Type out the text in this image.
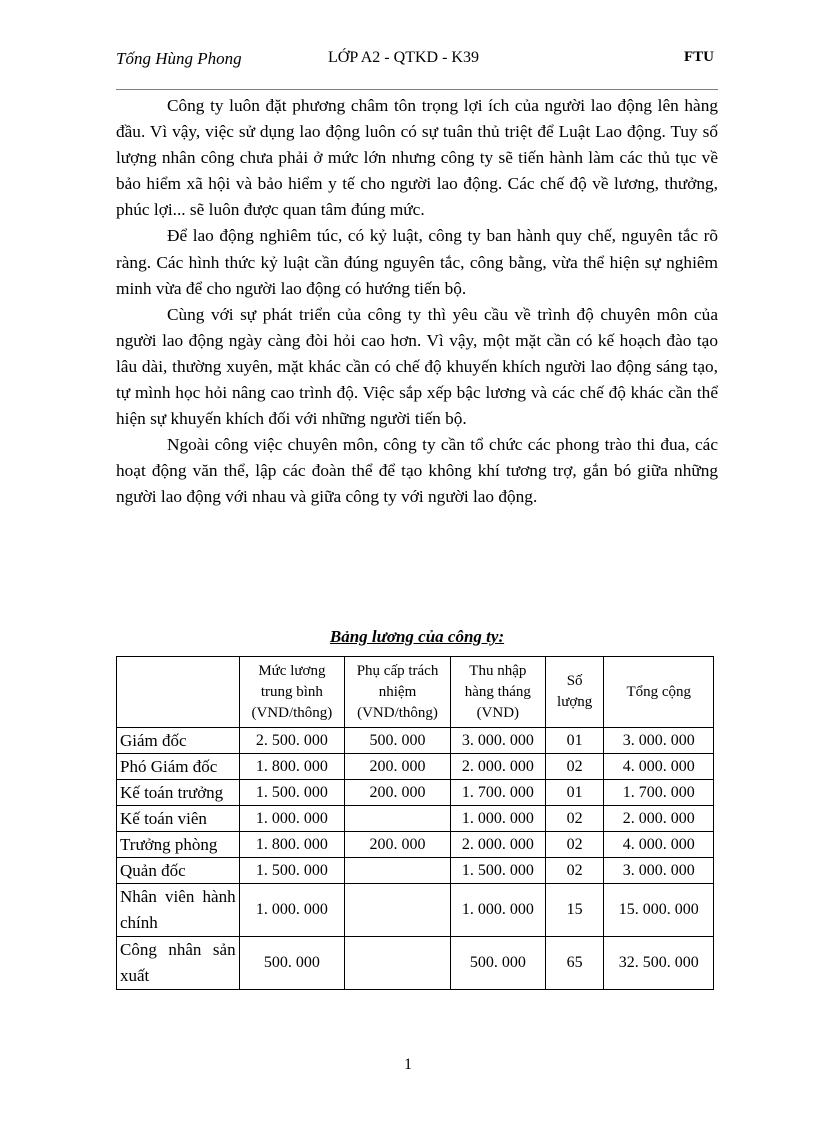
Tống Hùng Phong	LỚP A2 - QTKD - K39	FTU

Công ty luôn đặt phương châm tôn trọng lợi ích của người lao động lên hàng đầu. Vì vậy, việc sử dụng lao động luôn có sự tuân thủ triệt để Luật Lao động. Tuy số lượng nhân công chưa phải ở mức lớn nhưng công ty sẽ tiến hành làm các thủ tục về bảo hiểm xã hội và bảo hiểm y tế cho người lao động. Các chế độ về lương, thưởng, phúc lợi... sẽ luôn được quan tâm đúng mức.

Để lao động nghiêm túc, có kỷ luật, công ty ban hành quy chế, nguyên tắc rõ ràng. Các hình thức kỷ luật cần đúng nguyên tắc, công bằng, vừa thể hiện sự nghiêm minh vừa để cho người lao động có hướng tiến bộ.

Cùng với sự phát triển của công ty thì yêu cầu về trình độ chuyên môn của người lao động ngày càng đòi hỏi cao hơn. Vì vậy, một mặt cần có kế hoạch đào tạo lâu dài, thường xuyên, mặt khác cần có chế độ khuyến khích người lao động sáng tạo, tự mình học hỏi nâng cao trình độ. Việc sắp xếp bậc lương và các chế độ khác cần thể hiện sự khuyến khích đối với những người tiến bộ.

Ngoài công việc chuyên môn, công ty cần tổ chức các phong trào thi đua, các hoạt động văn thể, lập các đoàn thể để tạo không khí tương trợ, gắn bó giữa những người lao động với nhau và giữa công ty với người lao động.

Bảng lương của công ty:
	Mức lương trung bình (VND/thông)	Phụ cấp trách nhiệm (VND/thông)	Thu nhập hàng tháng (VND)	Số lượng	Tổng cộng
Giám đốc	2. 500. 000	500. 000	3. 000. 000	01	3. 000. 000
Phó Giám đốc	1. 800. 000	200. 000	2. 000. 000	02	4. 000. 000
Kế toán trưởng	1. 500. 000	200. 000	1. 700. 000	01	1. 700. 000
Kế toán viên	1. 000. 000		1. 000. 000	02	2. 000. 000
Trưởng phòng	1. 800. 000	200. 000	2. 000. 000	02	4. 000. 000
Quản đốc	1. 500. 000		1. 500. 000	02	3. 000. 000
Nhân viên hành chính	1. 000. 000		1. 000. 000	15	15. 000. 000
Công nhân sản xuất	500. 000		500. 000	65	32. 500. 000
1
